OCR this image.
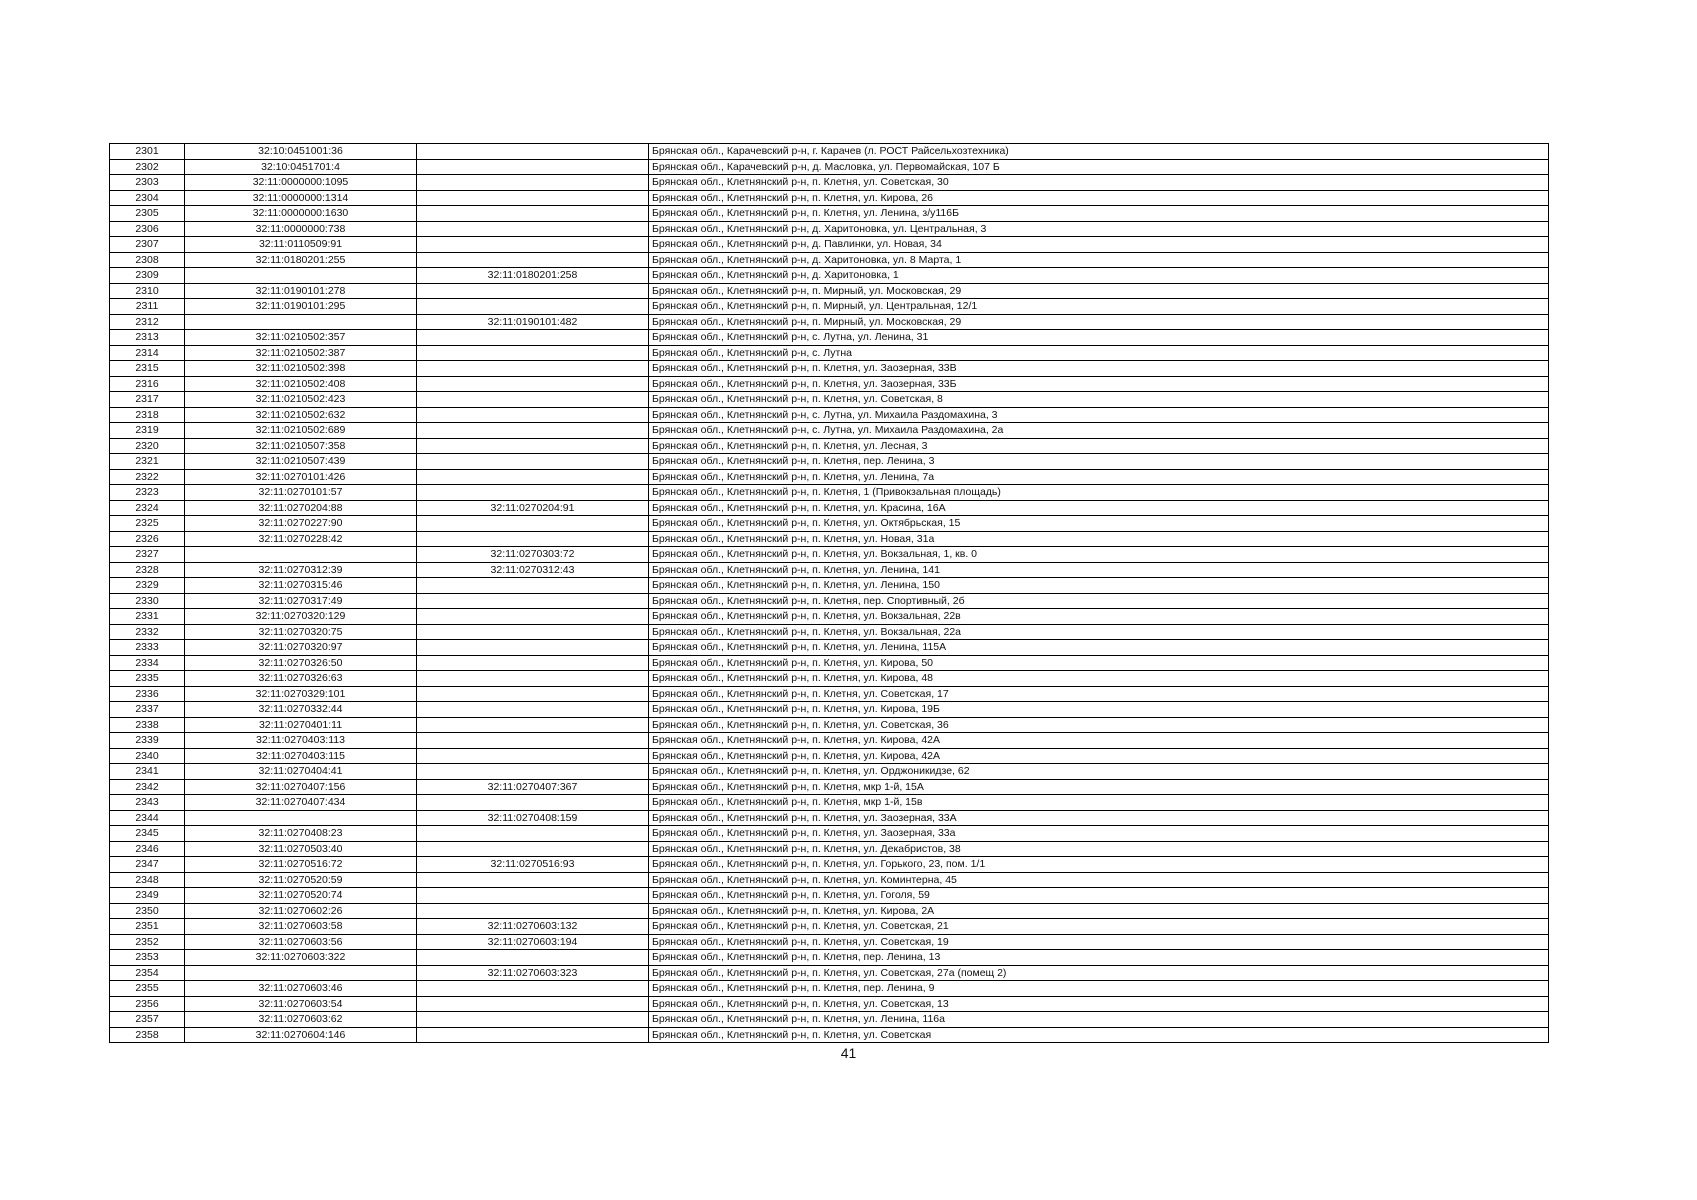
2301	32:10:0451001:36		Брянская обл., Карачевский р-н, г. Карачев (л. РОСТ Райсельхозтехника)
2302	32:10:0451701:4		Брянская обл., Карачевский р-н, д. Масловка, ул. Первомайская, 107 Б
2303	32:11:0000000:1095		Брянская обл., Клетнянский р-н, п. Клетня, ул. Советская, 30
2304	32:11:0000000:1314		Брянская обл., Клетнянский р-н, п. Клетня, ул. Кирова, 26
2305	32:11:0000000:1630		Брянская обл., Клетнянский р-н, п. Клетня, ул. Ленина, з/у116Б
2306	32:11:0000000:738		Брянская обл., Клетнянский р-н, д. Харитоновка, ул. Центральная, 3
2307	32:11:0110509:91		Брянская обл., Клетнянский р-н, д. Павлинки, ул. Новая, 34
2308	32:11:0180201:255		Брянская обл., Клетнянский р-н, д. Харитоновка, ул. 8 Марта, 1
2309		32:11:0180201:258	Брянская обл., Клетнянский р-н, д. Харитоновка, 1
2310	32:11:0190101:278		Брянская обл., Клетнянский р-н, п. Мирный, ул. Московская, 29
2311	32:11:0190101:295		Брянская обл., Клетнянский р-н, п. Мирный, ул. Центральная, 12/1
2312		32:11:0190101:482	Брянская обл., Клетнянский р-н, п. Мирный, ул. Московская, 29
2313	32:11:0210502:357		Брянская обл., Клетнянский р-н, с. Лутна, ул. Ленина, 31
2314	32:11:0210502:387		Брянская обл., Клетнянский р-н, с. Лутна
2315	32:11:0210502:398		Брянская обл., Клетнянский р-н, п. Клетня, ул. Заозерная, 33В
2316	32:11:0210502:408		Брянская обл., Клетнянский р-н, п. Клетня, ул. Заозерная, 33Б
2317	32:11:0210502:423		Брянская обл., Клетнянский р-н, п. Клетня, ул. Советская, 8
2318	32:11:0210502:632		Брянская обл., Клетнянский р-н, с. Лутна, ул. Михаила Раздомахина, 3
2319	32:11:0210502:689		Брянская обл., Клетнянский р-н, с. Лутна, ул. Михаила Раздомахина, 2а
2320	32:11:0210507:358		Брянская обл., Клетнянский р-н, п. Клетня, ул. Лесная, 3
2321	32:11:0210507:439		Брянская обл., Клетнянский р-н, п. Клетня, пер. Ленина, 3
2322	32:11:0270101:426		Брянская обл., Клетнянский р-н, п. Клетня, ул. Ленина, 7а
2323	32:11:0270101:57		Брянская обл., Клетнянский р-н, п. Клетня, 1 (Привокзальная площадь)
2324	32:11:0270204:88	32:11:0270204:91	Брянская обл., Клетнянский р-н, п. Клетня, ул. Красина, 16А
2325	32:11:0270227:90		Брянская обл., Клетнянский р-н, п. Клетня, ул. Октябрьская, 15
2326	32:11:0270228:42		Брянская обл., Клетнянский р-н, п. Клетня, ул. Новая, 31а
2327		32:11:0270303:72	Брянская обл., Клетнянский р-н, п. Клетня, ул. Вокзальная, 1, кв. 0
2328	32:11:0270312:39	32:11:0270312:43	Брянская обл., Клетнянский р-н, п. Клетня, ул. Ленина, 141
2329	32:11:0270315:46		Брянская обл., Клетнянский р-н, п. Клетня, ул. Ленина, 150
2330	32:11:0270317:49		Брянская обл., Клетнянский р-н, п. Клетня, пер. Спортивный, 2б
2331	32:11:0270320:129		Брянская обл., Клетнянский р-н, п. Клетня, ул. Вокзальная, 22в
2332	32:11:0270320:75		Брянская обл., Клетнянский р-н, п. Клетня, ул. Вокзальная, 22а
2333	32:11:0270320:97		Брянская обл., Клетнянский р-н, п. Клетня, ул. Ленина, 115А
2334	32:11:0270326:50		Брянская обл., Клетнянский р-н, п. Клетня, ул. Кирова, 50
2335	32:11:0270326:63		Брянская обл., Клетнянский р-н, п. Клетня, ул. Кирова, 48
2336	32:11:0270329:101		Брянская обл., Клетнянский р-н, п. Клетня, ул. Советская, 17
2337	32:11:0270332:44		Брянская обл., Клетнянский р-н, п. Клетня, ул. Кирова, 19Б
2338	32:11:0270401:11		Брянская обл., Клетнянский р-н, п. Клетня, ул. Советская, 36
2339	32:11:0270403:113		Брянская обл., Клетнянский р-н, п. Клетня, ул. Кирова, 42А
2340	32:11:0270403:115		Брянская обл., Клетнянский р-н, п. Клетня, ул. Кирова, 42А
2341	32:11:0270404:41		Брянская обл., Клетнянский р-н, п. Клетня, ул. Орджоникидзе, 62
2342	32:11:0270407:156	32:11:0270407:367	Брянская обл., Клетнянский р-н, п. Клетня, мкр 1-й, 15А
2343	32:11:0270407:434		Брянская обл., Клетнянский р-н, п. Клетня, мкр 1-й, 15в
2344		32:11:0270408:159	Брянская обл., Клетнянский р-н, п. Клетня, ул. Заозерная, 33А
2345	32:11:0270408:23		Брянская обл., Клетнянский р-н, п. Клетня, ул. Заозерная, 33а
2346	32:11:0270503:40		Брянская обл., Клетнянский р-н, п. Клетня, ул. Декабристов, 38
2347	32:11:0270516:72	32:11:0270516:93	Брянская обл., Клетнянский р-н, п. Клетня, ул. Горького, 23, пом. 1/1
2348	32:11:0270520:59		Брянская обл., Клетнянский р-н, п. Клетня, ул. Коминтерна, 45
2349	32:11:0270520:74		Брянская обл., Клетнянский р-н, п. Клетня, ул. Гоголя, 59
2350	32:11:0270602:26		Брянская обл., Клетнянский р-н, п. Клетня, ул. Кирова, 2А
2351	32:11:0270603:58	32:11:0270603:132	Брянская обл., Клетнянский р-н, п. Клетня, ул. Советская, 21
2352	32:11:0270603:56	32:11:0270603:194	Брянская обл., Клетнянский р-н, п. Клетня, ул. Советская, 19
2353	32:11:0270603:322		Брянская обл., Клетнянский р-н, п. Клетня, пер. Ленина, 13
2354		32:11:0270603:323	Брянская обл., Клетнянский р-н, п. Клетня, ул. Советская, 27а (помещ 2)
2355	32:11:0270603:46		Брянская обл., Клетнянский р-н, п. Клетня, пер. Ленина, 9
2356	32:11:0270603:54		Брянская обл., Клетнянский р-н, п. Клетня, ул. Советская, 13
2357	32:11:0270603:62		Брянская обл., Клетнянский р-н, п. Клетня, ул. Ленина, 116а
2358	32:11:0270604:146		Брянская обл., Клетнянский р-н, п. Клетня, ул. Советская
41
